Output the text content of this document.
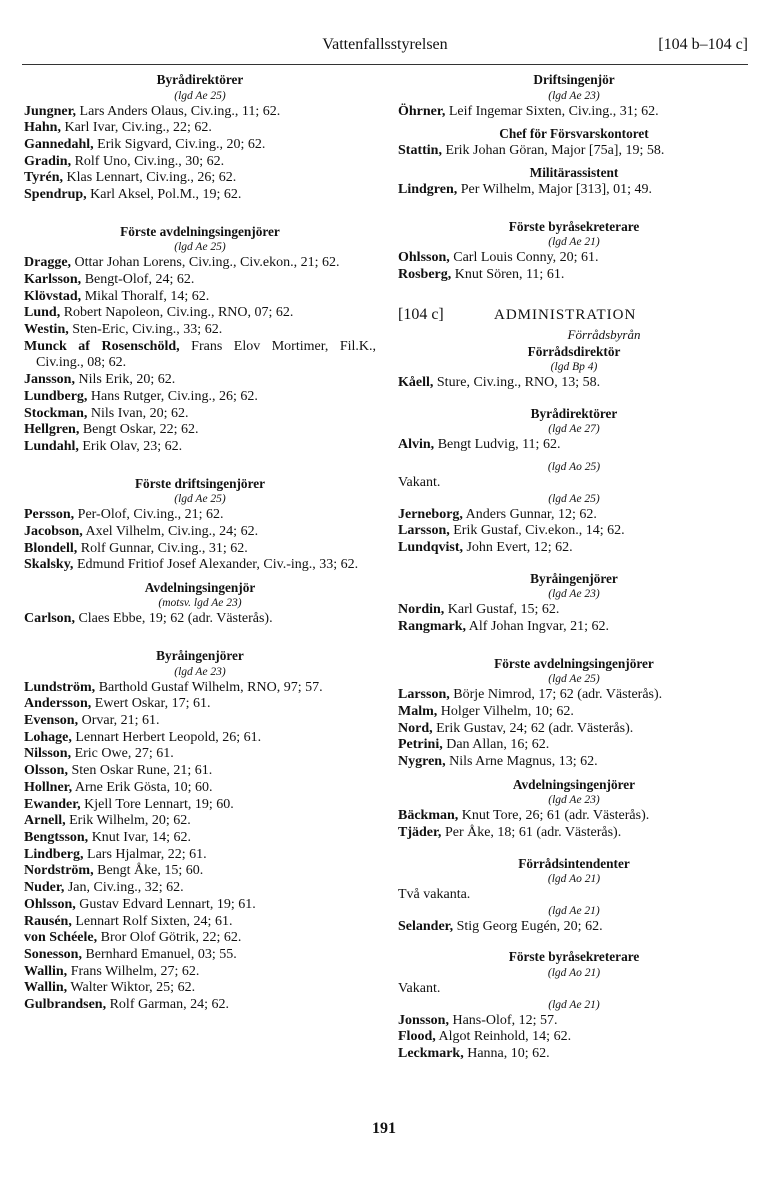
Vattenfallsstyrelsen	[104 b–104 c]
Byrådirektörer
(lgd Ae 25)
Jungner, Lars Anders Olaus, Civ.ing., 11; 62.
Hahn, Karl Ivar, Civ.ing., 22; 62.
Gannedahl, Erik Sigvard, Civ.ing., 20; 62.
Gradin, Rolf Uno, Civ.ing., 30; 62.
Tyrén, Klas Lennart, Civ.ing., 26; 62.
Spendrup, Karl Aksel, Pol.M., 19; 62.
Förste avdelningsingenjörer
(lgd Ae 25)
Dragge, Ottar Johan Lorens, Civ.ing., Civ.ekon., 21; 62.
Karlsson, Bengt-Olof, 24; 62.
Klövstad, Mikal Thoralf, 14; 62.
Lund, Robert Napoleon, Civ.ing., RNO, 07; 62.
Westin, Sten-Eric, Civ.ing., 33; 62.
Munck af Rosenschöld, Frans Elov Mortimer, Fil.K., Civ.ing., 08; 62.
Jansson, Nils Erik, 20; 62.
Lundberg, Hans Rutger, Civ.ing., 26; 62.
Stockman, Nils Ivan, 20; 62.
Hellgren, Bengt Oskar, 22; 62.
Lundahl, Erik Olav, 23; 62.
Förste driftsingenjörer
(lgd Ae 25)
Persson, Per-Olof, Civ.ing., 21; 62.
Jacobson, Axel Vilhelm, Civ.ing., 24; 62.
Blondell, Rolf Gunnar, Civ.ing., 31; 62.
Skalsky, Edmund Fritiof Josef Alexander, Civ.-ing., 33; 62.
Avdelningsingenjör
(motsv. lgd Ae 23)
Carlson, Claes Ebbe, 19; 62 (adr. Västerås).
Byråingenjörer
(lgd Ae 23)
Lundström, Barthold Gustaf Wilhelm, RNO, 97; 57.
Andersson, Ewert Oskar, 17; 61.
Evenson, Orvar, 21; 61.
Lohage, Lennart Herbert Leopold, 26; 61.
Nilsson, Eric Owe, 27; 61.
Olsson, Sten Oskar Rune, 21; 61.
Hollner, Arne Erik Gösta, 10; 60.
Ewander, Kjell Tore Lennart, 19; 60.
Arnell, Erik Wilhelm, 20; 62.
Bengtsson, Knut Ivar, 14; 62.
Lindberg, Lars Hjalmar, 22; 61.
Nordström, Bengt Åke, 15; 60.
Nuder, Jan, Civ.ing., 32; 62.
Ohlsson, Gustav Edvard Lennart, 19; 61.
Rausén, Lennart Rolf Sixten, 24; 61.
von Schéele, Bror Olof Götrik, 22; 62.
Sonesson, Bernhard Emanuel, 03; 55.
Wallin, Frans Wilhelm, 27; 62.
Wallin, Walter Wiktor, 25; 62.
Gulbrandsen, Rolf Garman, 24; 62.
Driftsingenjör
(lgd Ae 23)
Öhrner, Leif Ingemar Sixten, Civ.ing., 31; 62.
Chef för Försvarskontoret
Stattin, Erik Johan Göran, Major [75a], 19; 58.
Militärassistent
Lindgren, Per Wilhelm, Major [313], 01; 49.
Förste byråsekreterare
(lgd Ae 21)
Ohlsson, Carl Louis Conny, 20; 61.
Rosberg, Knut Sören, 11; 61.
[104 c]	ADMINISTRATION
Förrådsbyrån
Förrådsdirektör
(lgd Bp 4)
Kåell, Sture, Civ.ing., RNO, 13; 58.
Byrådirektörer
(lgd Ae 27)
Alvin, Bengt Ludvig, 11; 62.
(lgd Ao 25)
Vakant.
(lgd Ae 25)
Jerneborg, Anders Gunnar, 12; 62.
Larsson, Erik Gustaf, Civ.ekon., 14; 62.
Lundqvist, John Evert, 12; 62.
Byråingenjörer
(lgd Ae 23)
Nordin, Karl Gustaf, 15; 62.
Rangmark, Alf Johan Ingvar, 21; 62.
Förste avdelningsingenjörer
(lgd Ae 25)
Larsson, Börje Nimrod, 17; 62 (adr. Västerås).
Malm, Holger Vilhelm, 10; 62.
Nord, Erik Gustav, 24; 62 (adr. Västerås).
Petrini, Dan Allan, 16; 62.
Nygren, Nils Arne Magnus, 13; 62.
Avdelningsingenjörer
(lgd Ae 23)
Bäckman, Knut Tore, 26; 61 (adr. Västerås).
Tjäder, Per Åke, 18; 61 (adr. Västerås).
Förrådsintendenter
(lgd Ao 21)
Två vakanta.
(lgd Ae 21)
Selander, Stig Georg Eugén, 20; 62.
Förste byråsekreterare
(lgd Ao 21)
Vakant.
(lgd Ae 21)
Jonsson, Hans-Olof, 12; 57.
Flood, Algot Reinhold, 14; 62.
Leckmark, Hanna, 10; 62.
191
